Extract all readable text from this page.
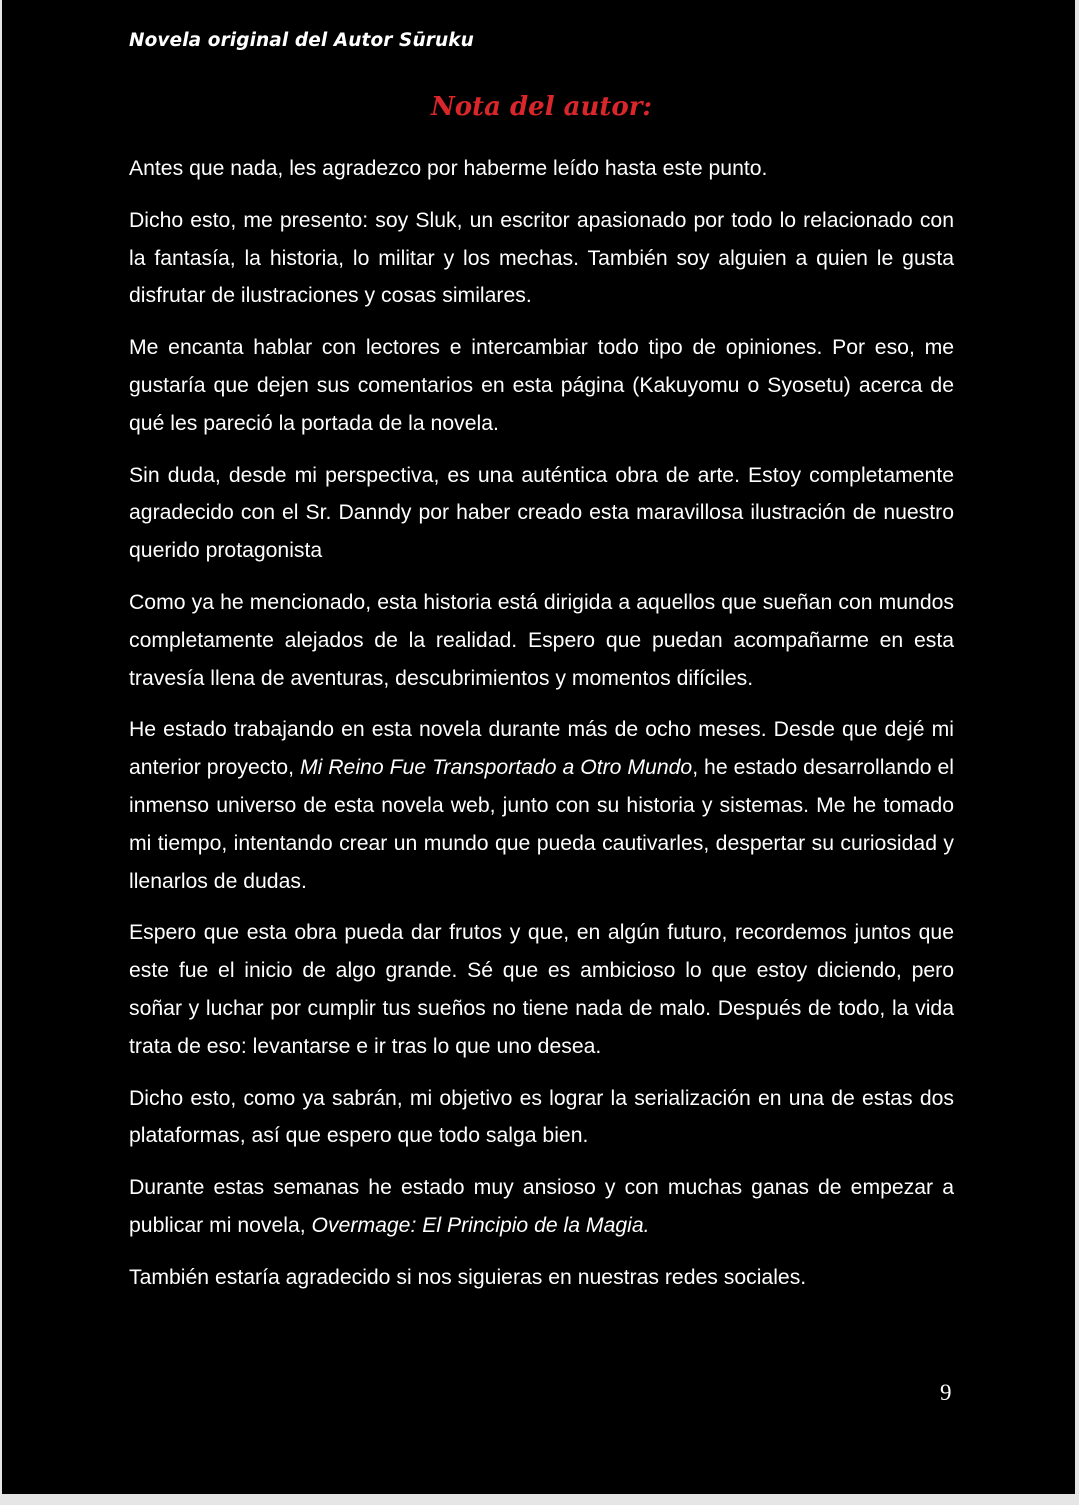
Novela original del Autor Sūruku
Nota del autor:

Antes que nada, les agradezco por haberme leído hasta este punto.

Dicho esto, me presento: soy Sluk, un escritor apasionado por todo lo relacionado con la fantasía, la historia, lo militar y los mechas. También soy alguien a quien le gusta disfrutar de ilustraciones y cosas similares.

Me encanta hablar con lectores e intercambiar todo tipo de opiniones. Por eso, me gustaría que dejen sus comentarios en esta página (Kakuyomu o Syosetu) acerca de qué les pareció la portada de la novela.

Sin duda, desde mi perspectiva, es una auténtica obra de arte. Estoy completamente agradecido con el Sr. Danndy por haber creado esta maravillosa ilustración de nuestro querido protagonista

Como ya he mencionado, esta historia está dirigida a aquellos que sueñan con mundos completamente alejados de la realidad. Espero que puedan acompañarme en esta travesía llena de aventuras, descubrimientos y momentos difíciles.

He estado trabajando en esta novela durante más de ocho meses. Desde que dejé mi anterior proyecto, Mi Reino Fue Transportado a Otro Mundo, he estado desarrollando el inmenso universo de esta novela web, junto con su historia y sistemas. Me he tomado mi tiempo, intentando crear un mundo que pueda cautivarles, despertar su curiosidad y llenarlos de dudas.

Espero que esta obra pueda dar frutos y que, en algún futuro, recordemos juntos que este fue el inicio de algo grande. Sé que es ambicioso lo que estoy diciendo, pero soñar y luchar por cumplir tus sueños no tiene nada de malo. Después de todo, la vida trata de eso: levantarse e ir tras lo que uno desea.

Dicho esto, como ya sabrán, mi objetivo es lograr la serialización en una de estas dos plataformas, así que espero que todo salga bien.

Durante estas semanas he estado muy ansioso y con muchas ganas de empezar a publicar mi novela, Overmage: El Principio de la Magia.

También estaría agradecido si nos siguieras en nuestras redes sociales.

9
